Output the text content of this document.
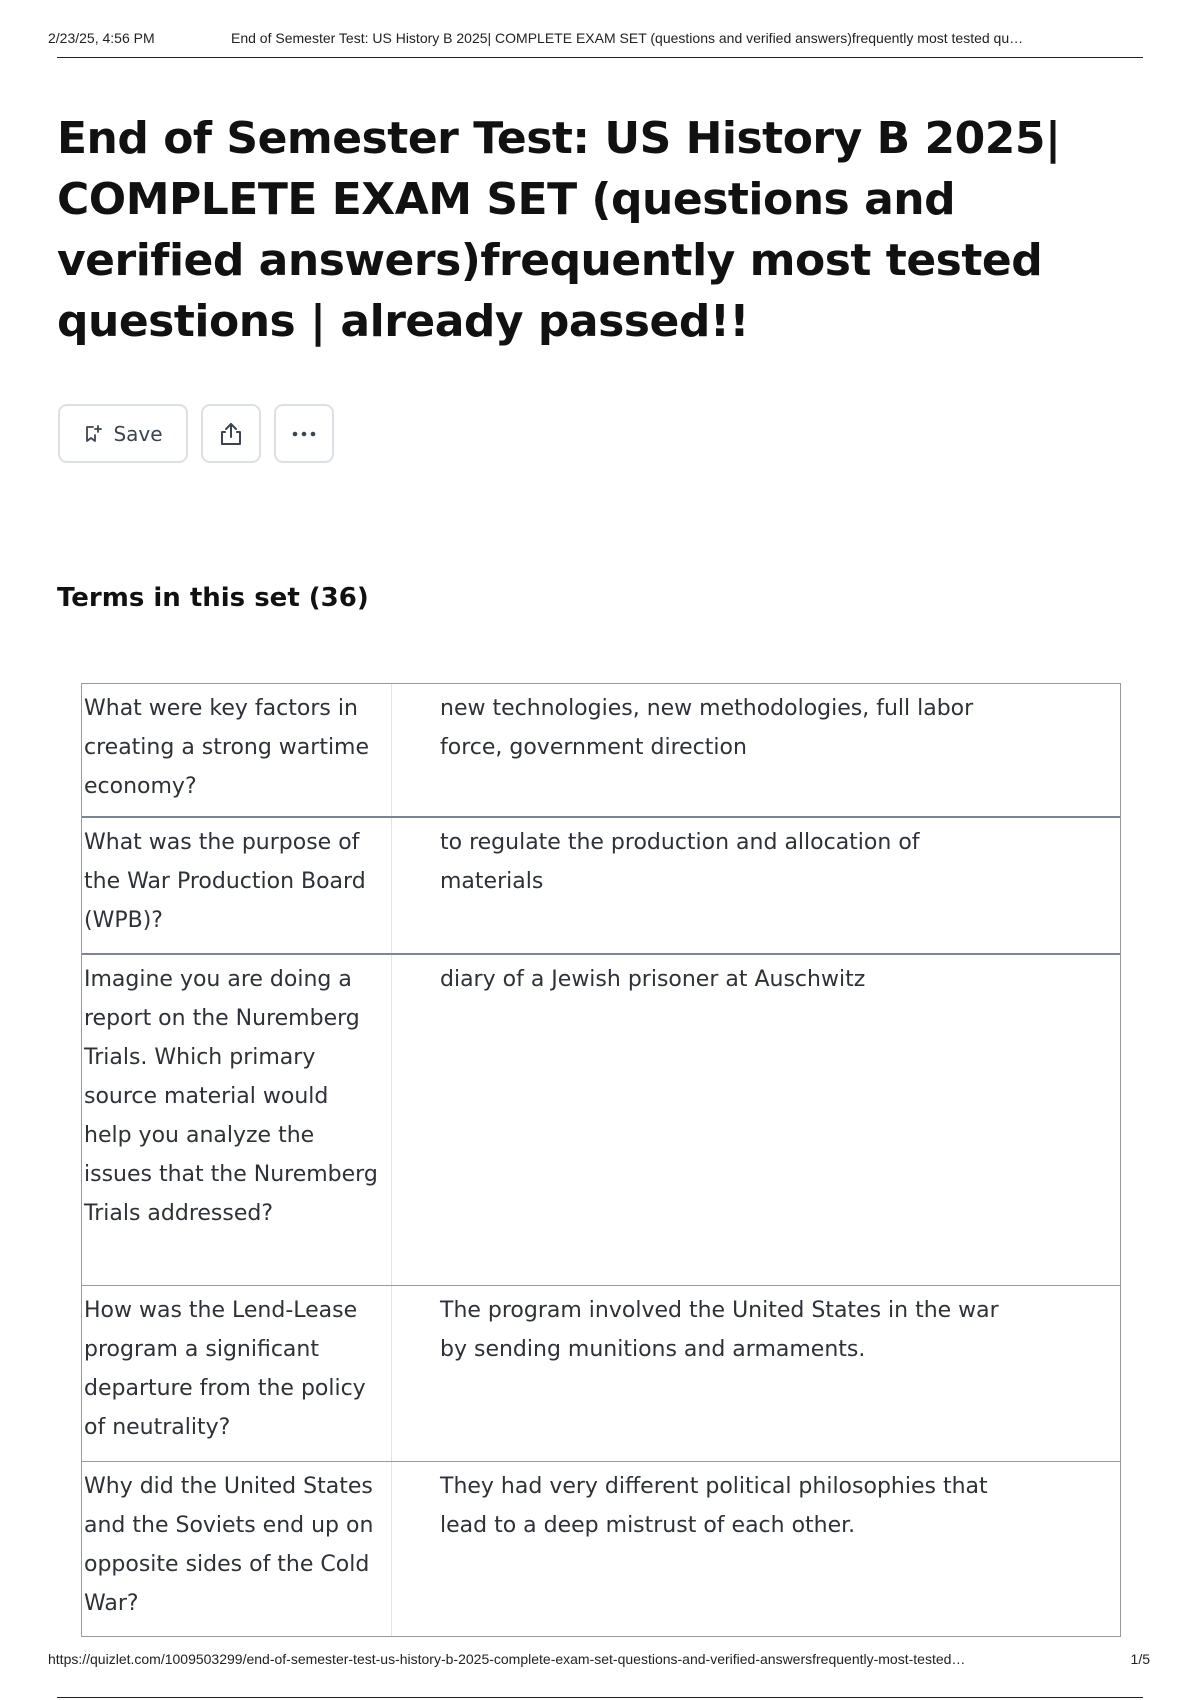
2/23/25, 4:56 PM	End of Semester Test: US History B 2025| COMPLETE EXAM SET (questions and verified answers)frequently most tested qu…
End of Semester Test: US History B 2025| COMPLETE EXAM SET (questions and verified answers)frequently most tested questions | already passed!!
Save
Terms in this set (36)
What were key factors in creating a strong wartime economy?
new technologies, new methodologies, full labor force, government direction
What was the purpose of the War Production Board (WPB)?
to regulate the production and allocation of materials
Imagine you are doing a report on the Nuremberg Trials. Which primary source material would help you analyze the issues that the Nuremberg Trials addressed?
diary of a Jewish prisoner at Auschwitz
How was the Lend-Lease program a significant departure from the policy of neutrality?
The program involved the United States in the war by sending munitions and armaments.
Why did the United States and the Soviets end up on opposite sides of the Cold War?
They had very different political philosophies that lead to a deep mistrust of each other.
https://quizlet.com/1009503299/end-of-semester-test-us-history-b-2025-complete-exam-set-questions-and-verified-answersfrequently-most-tested…	1/5
